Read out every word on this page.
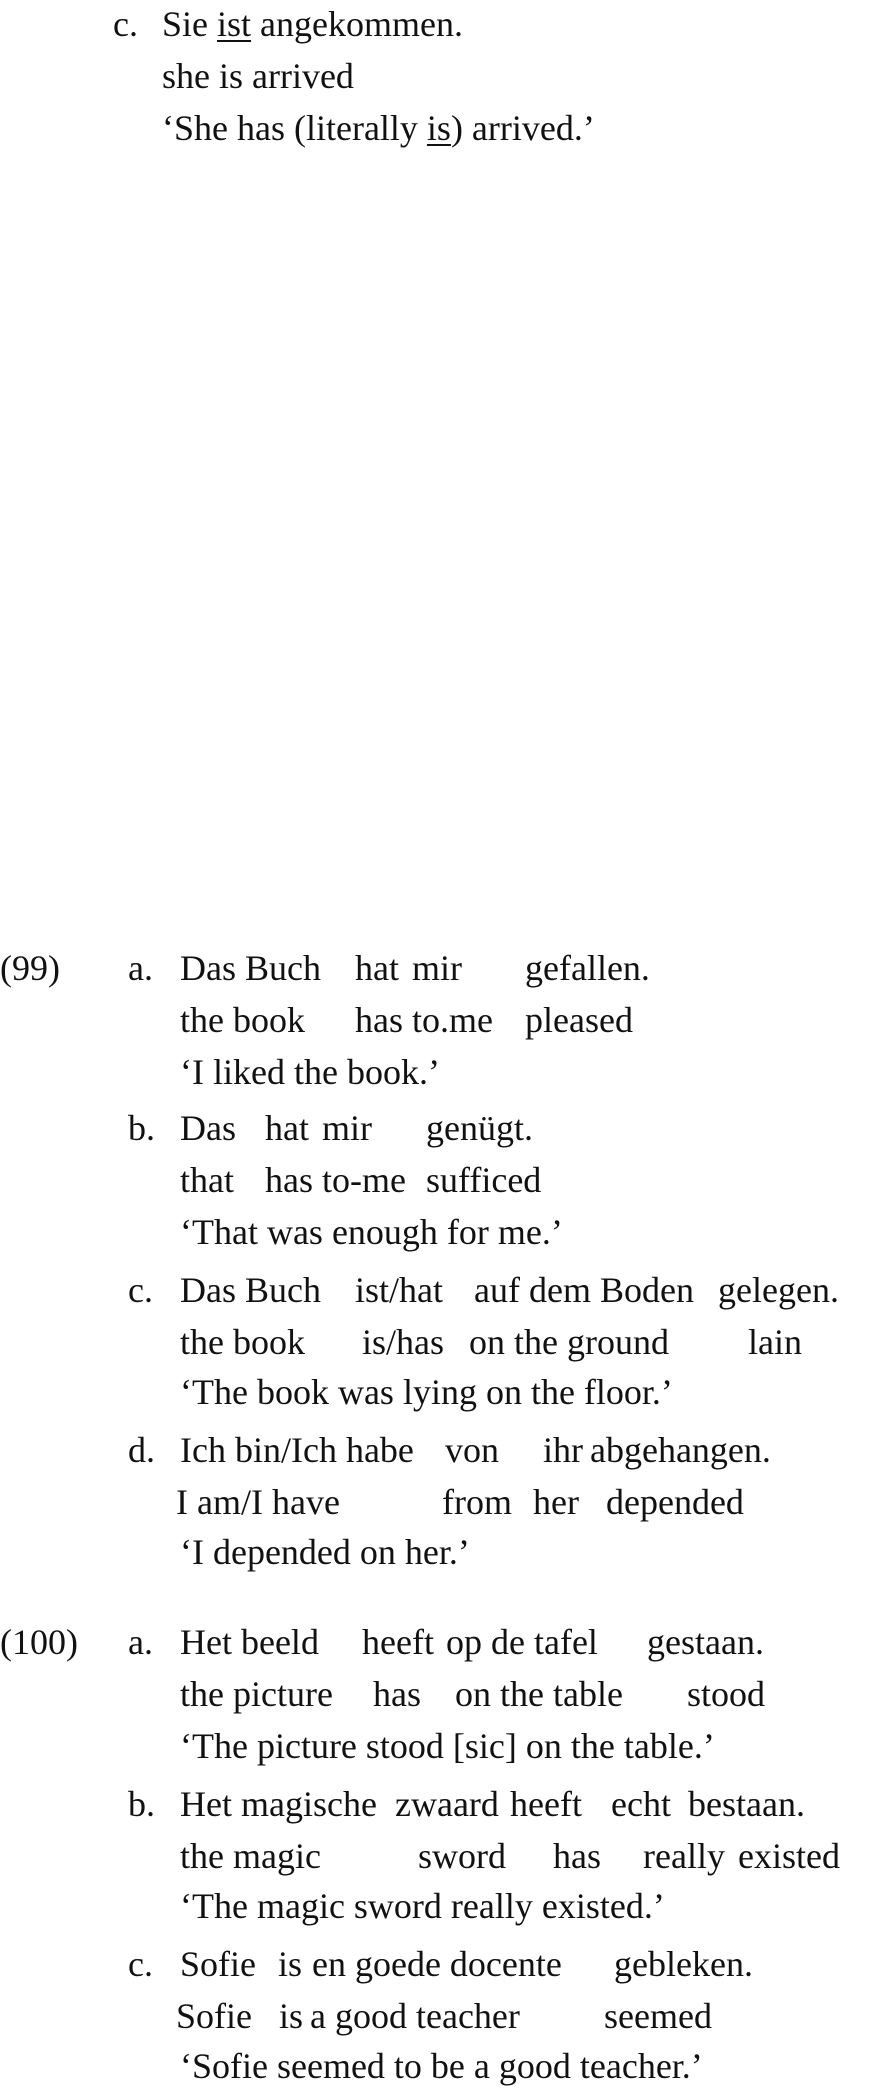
c. Sie ist angekommen.
she is arrived
‘She has (literally is) arrived.’
(99) a. Das Buch hat mir gefallen.
the book has to.me pleased
‘I liked the book.’
b. Das hat mir genügt.
that has to-me sufficed
‘That was enough for me.’
c. Das Buch ist/hat auf dem Boden gelegen.
the book is/has on the ground lain
‘The book was lying on the floor.’
d. Ich bin/Ich habe von ihr abgehangen.
I am/I have	from her depended
‘I depended on her.’
(100) a. Het beeld heeft op de tafel gestaan.
the picture has on the table stood
‘The picture stood [sic] on the table.’
b. Het magische zwaard heeft echt bestaan.
the magic	sword has really existed
‘The magic sword really existed.’
c. Sofie is en goede docente gebleken.
Sofie is a good teacher seemed
‘Sofie seemed to be a good teacher.’
